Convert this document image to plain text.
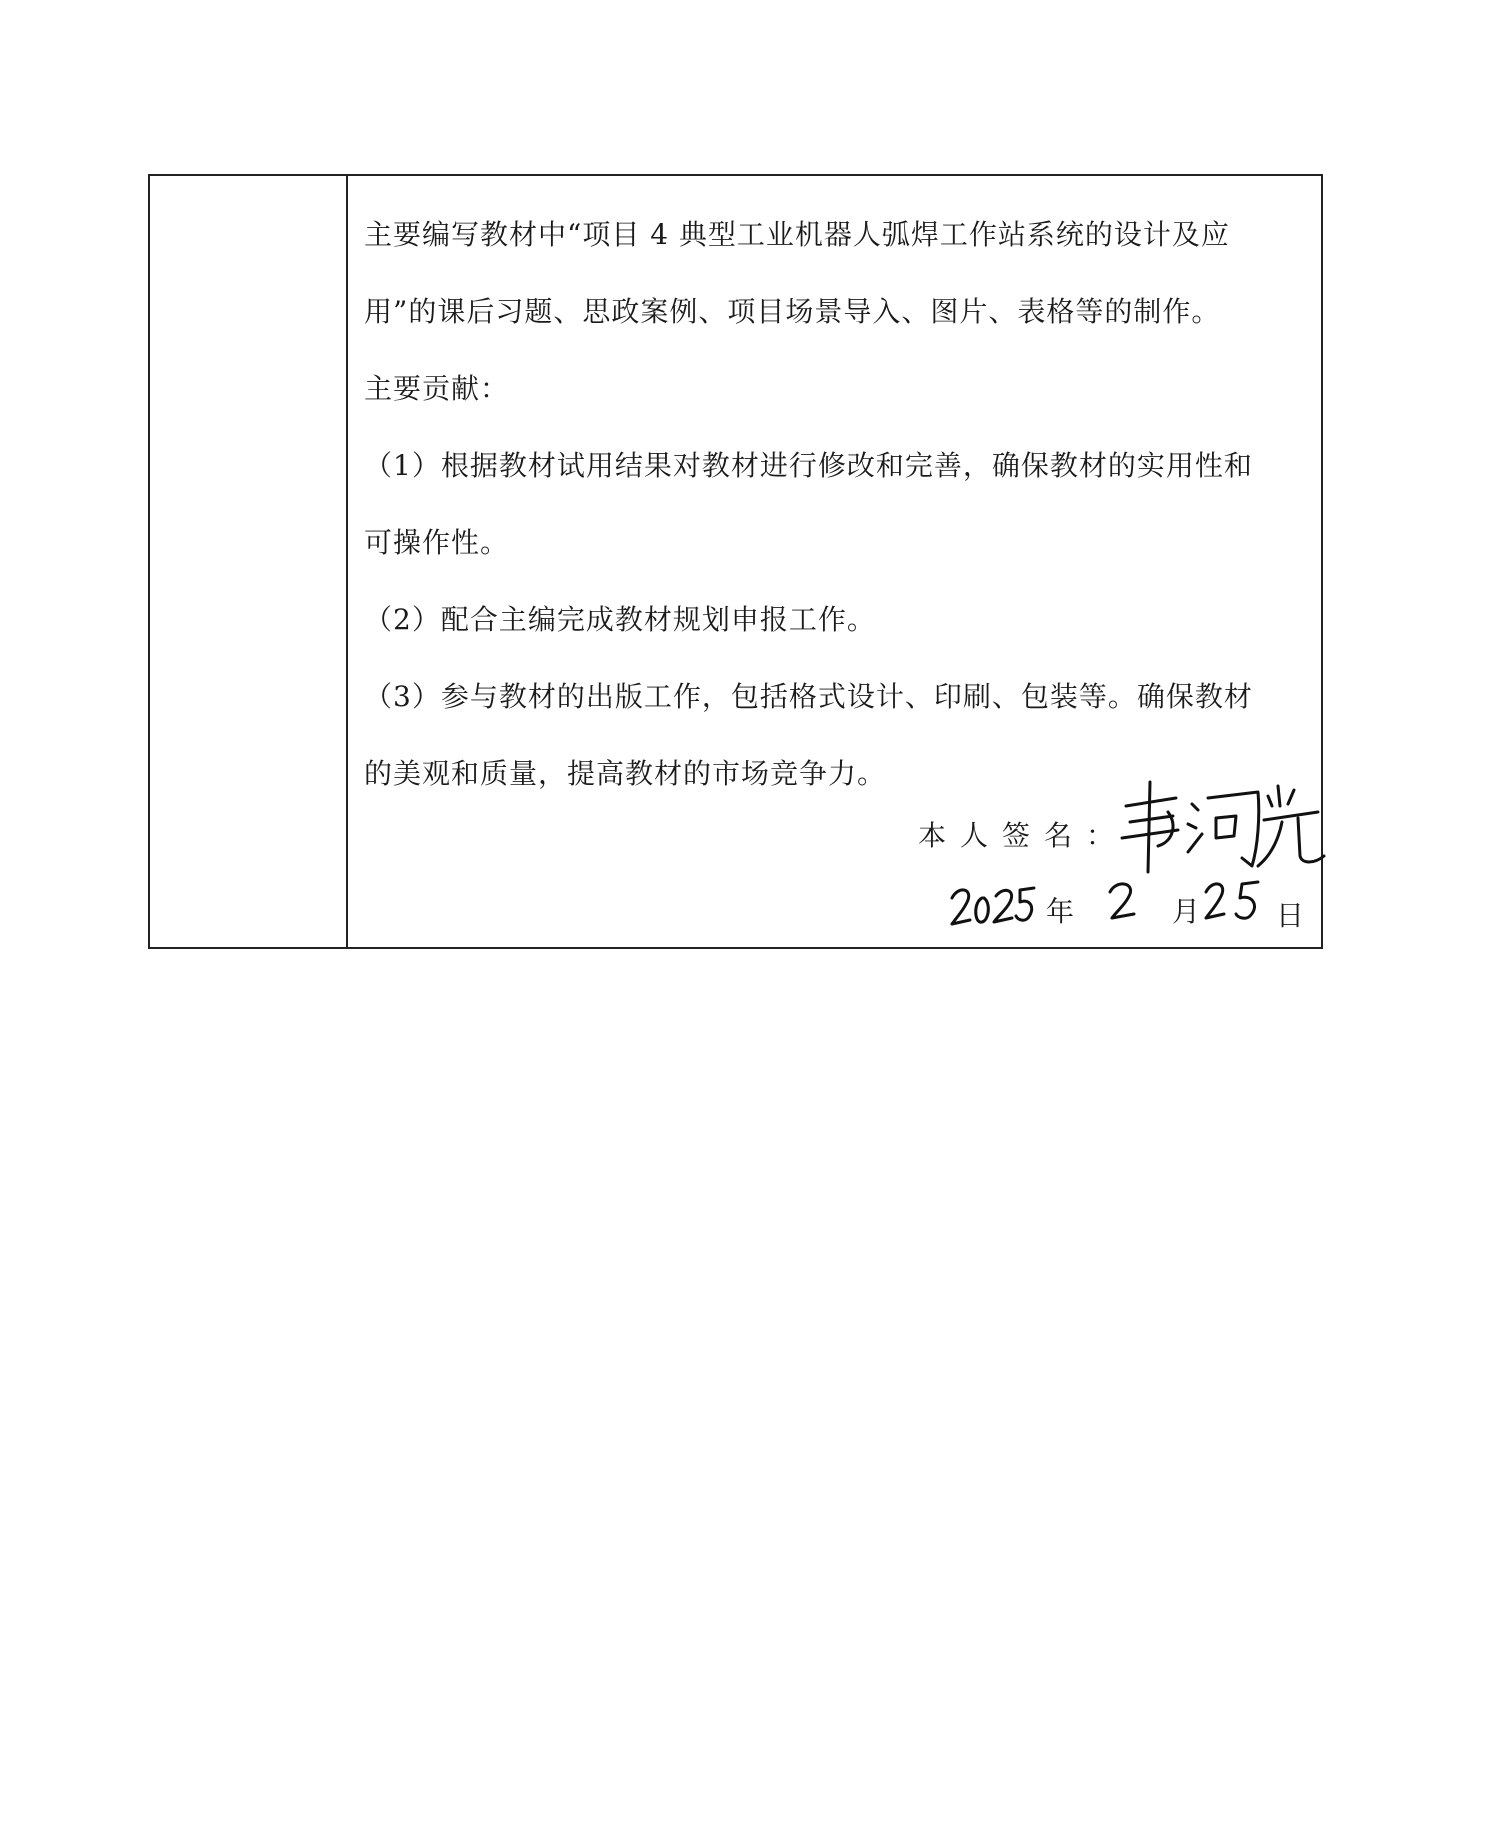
主要编写教材中“项目 4 典型工业机器人弧焊工作站系统的设计及应

用”的课后习题、思政案例、项目场景导入、图片、表格等的制作。

主要贡献：

（1）根据教材试用结果对教材进行修改和完善，确保教材的实用性和

可操作性。

（2）配合主编完成教材规划申报工作。

（3）参与教材的出版工作，包括格式设计、印刷、包装等。确保教材

的美观和质量，提高教材的市场竞争力。

本人签名：
年	月	日
